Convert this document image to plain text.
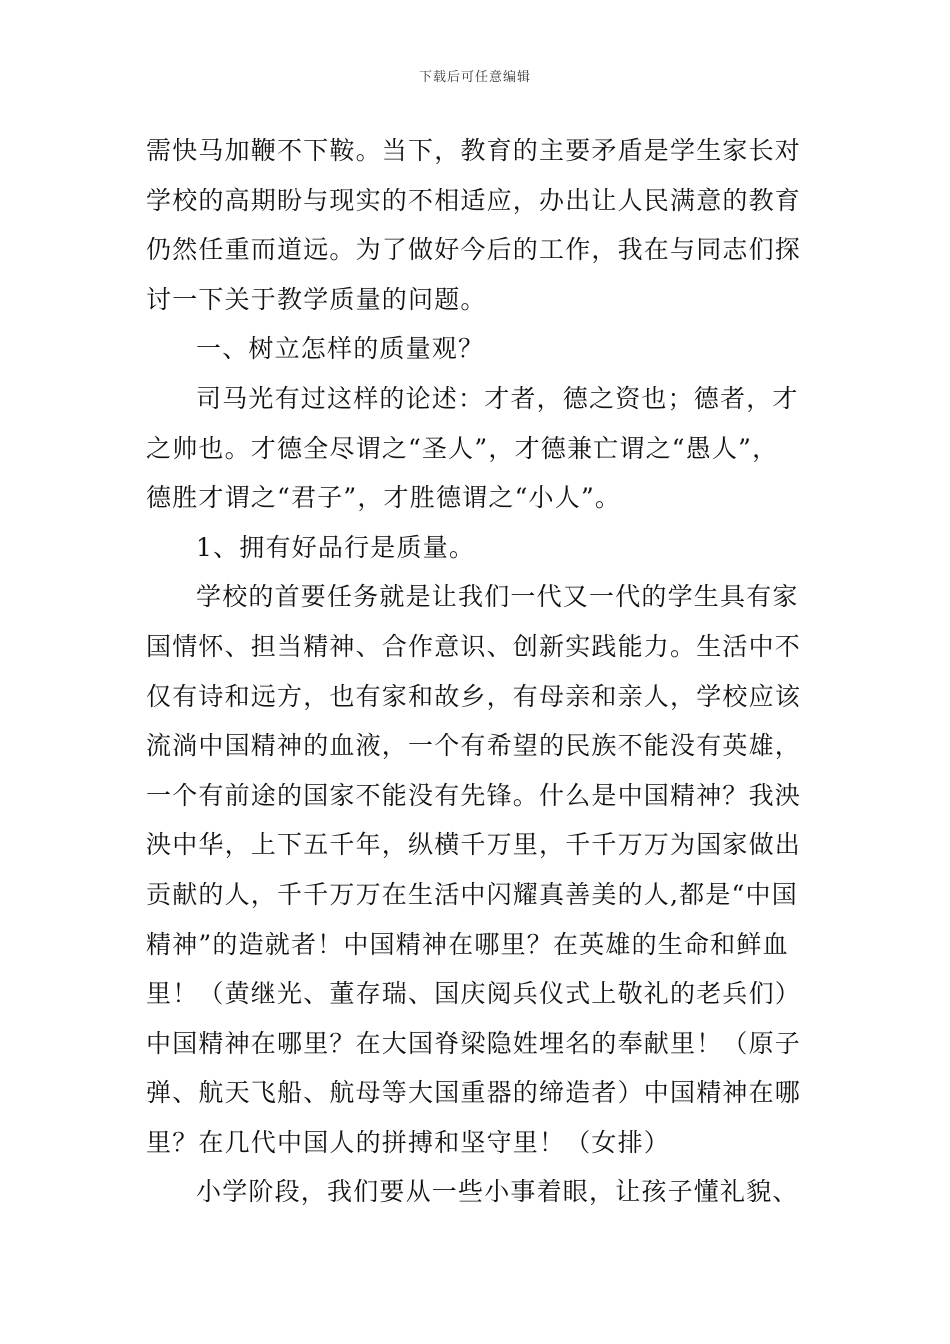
下载后可任意编辑
需快马加鞭不下鞍。当下，教育的主要矛盾是学生家长对
学校的高期盼与现实的不相适应，办出让人民满意的教育
仍然任重而道远。为了做好今后的工作，我在与同志们探
讨一下关于教学质量的问题。
一、树立怎样的质量观？
司马光有过这样的论述：才者，德之资也；德者，才
之帅也。才德全尽谓之“圣人”，才德兼亡谓之“愚人”，
德胜才谓之“君子”，才胜德谓之“小人”。
1、拥有好品行是质量。
学校的首要任务就是让我们一代又一代的学生具有家
国情怀、担当精神、合作意识、创新实践能力。生活中不
仅有诗和远方，也有家和故乡，有母亲和亲人，学校应该
流淌中国精神的血液，一个有希望的民族不能没有英雄，
一个有前途的国家不能没有先锋。什么是中国精神？我泱
泱中华，上下五千年，纵横千万里，千千万万为国家做出
贡献的人，千千万万在生活中闪耀真善美的人,都是“中国
精神”的造就者！中国精神在哪里？在英雄的生命和鲜血
里！（黄继光、董存瑞、国庆阅兵仪式上敬礼的老兵们）
中国精神在哪里？在大国脊梁隐姓埋名的奉献里！（原子
弹、航天飞船、航母等大国重器的缔造者）中国精神在哪
里？在几代中国人的拼搏和坚守里！（女排）
小学阶段，我们要从一些小事着眼，让孩子懂礼貌、
